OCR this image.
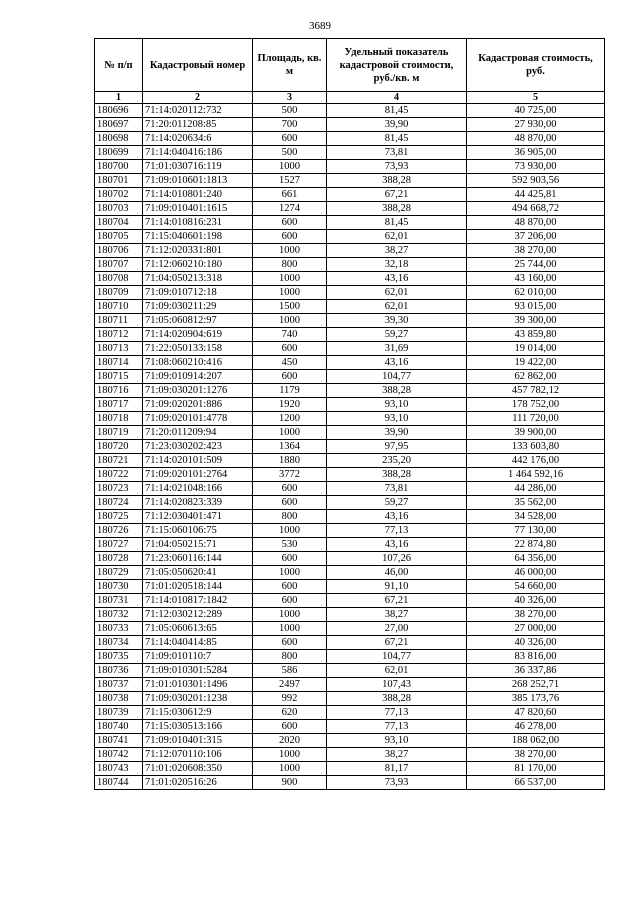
3689
№ п/п	Кадастровый номер	Площадь, кв. м	Удельный показатель кадастровой стоимости, руб./кв. м	Кадастровая стоимость, руб.
1	2	3	4	5
180696	71:14:020112:732	500	81,45	40 725,00
180697	71:20:011208:85	700	39,90	27 930,00
180698	71:14:020634:6	600	81,45	48 870,00
180699	71:14:040416:186	500	73,81	36 905,00
180700	71:01:030716:119	1000	73,93	73 930,00
180701	71:09:010601:1813	1527	388,28	592 903,56
180702	71:14:010801:240	661	67,21	44 425,81
180703	71:09:010401:1615	1274	388,28	494 668,72
180704	71:14:010816:231	600	81,45	48 870,00
180705	71:15:040601:198	600	62,01	37 206,00
180706	71:12:020331:801	1000	38,27	38 270,00
180707	71:12:060210:180	800	32,18	25 744,00
180708	71:04:050213:318	1000	43,16	43 160,00
180709	71:09:010712:18	1000	62,01	62 010,00
180710	71:09:030211:29	1500	62,01	93 015,00
180711	71:05:060812:97	1000	39,30	39 300,00
180712	71:14:020904:619	740	59,27	43 859,80
180713	71:22:050133:158	600	31,69	19 014,00
180714	71:08:060210:416	450	43,16	19 422,00
180715	71:09:010914:207	600	104,77	62 862,00
180716	71:09:030201:1276	1179	388,28	457 782,12
180717	71:09:020201:886	1920	93,10	178 752,00
180718	71:09:020101:4778	1200	93,10	111 720,00
180719	71:20:011209:94	1000	39,90	39 900,00
180720	71:23:030202:423	1364	97,95	133 603,80
180721	71:14:020101:509	1880	235,20	442 176,00
180722	71:09:020101:2764	3772	388,28	1 464 592,16
180723	71:14:021048:166	600	73,81	44 286,00
180724	71:14:020823:339	600	59,27	35 562,00
180725	71:12:030401:471	800	43,16	34 528,00
180726	71:15:060106:75	1000	77,13	77 130,00
180727	71:04:050215:71	530	43,16	22 874,80
180728	71:23:060116:144	600	107,26	64 356,00
180729	71:05:050620:41	1000	46,00	46 000,00
180730	71:01:020518:144	600	91,10	54 660,00
180731	71:14:010817:1842	600	67,21	40 326,00
180732	71:12:030212:289	1000	38,27	38 270,00
180733	71:05:060613:65	1000	27,00	27 000,00
180734	71:14:040414:85	600	67,21	40 326,00
180735	71:09:010110:7	800	104,77	83 816,00
180736	71:09:010301:5284	586	62,01	36 337,86
180737	71:01:010301:1496	2497	107,43	268 252,71
180738	71:09:030201:1238	992	388,28	385 173,76
180739	71:15:030612:9	620	77,13	47 820,60
180740	71:15:030513:166	600	77,13	46 278,00
180741	71:09:010401:315	2020	93,10	188 062,00
180742	71:12:070110:106	1000	38,27	38 270,00
180743	71:01:020608:350	1000	81,17	81 170,00
180744	71:01:020516:26	900	73,93	66 537,00
